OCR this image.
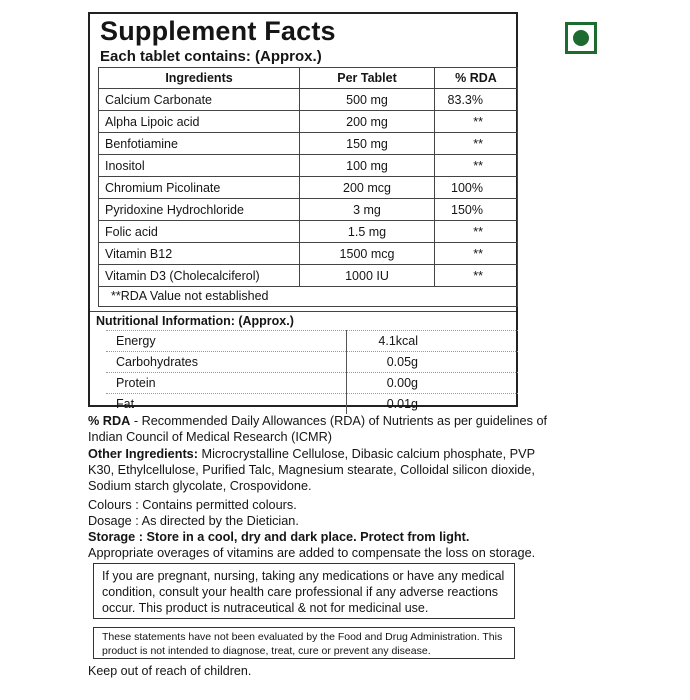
Supplement Facts
Each tablet contains: (Approx.)
Ingredients	Per Tablet	% RDA
Calcium Carbonate	500 mg	83.3%
Alpha Lipoic acid	200 mg	**
Benfotiamine	150 mg	**
Inositol	100 mg	**
Chromium Picolinate	200 mcg	100%
Pyridoxine Hydrochloride	3 mg	150%
Folic acid	1.5 mg	**
Vitamin B12	1500 mcg	**
Vitamin D3 (Cholecalciferol)	1000 IU	**
**RDA Value not established
Nutritional Information: (Approx.)
Energy	4.1kcal
Carbohydrates	0.05g
Protein	0.00g
Fat	0.01g
% RDA - Recommended Daily Allowances (RDA) of Nutrients as per guidelines of Indian Council of Medical Research (ICMR)
Other Ingredients: Microcrystalline Cellulose, Dibasic calcium phosphate, PVP K30, Ethylcellulose, Purified Talc, Magnesium stearate, Colloidal silicon dioxide, Sodium starch glycolate, Crospovidone.
Colours : Contains permitted colours.
Dosage : As directed by the Dietician.
Storage : Store in a cool, dry and dark place. Protect from light.
Appropriate overages of vitamins are added to compensate the loss on storage.
If you are pregnant, nursing, taking any medications or have any medical condition, consult your health care professional if any adverse reactions occur. This product is nutraceutical & not for medicinal use.
These statements have not been evaluated by the Food and Drug Administration. This product is not intended to diagnose, treat, cure or prevent any disease.
Keep out of reach of children.
